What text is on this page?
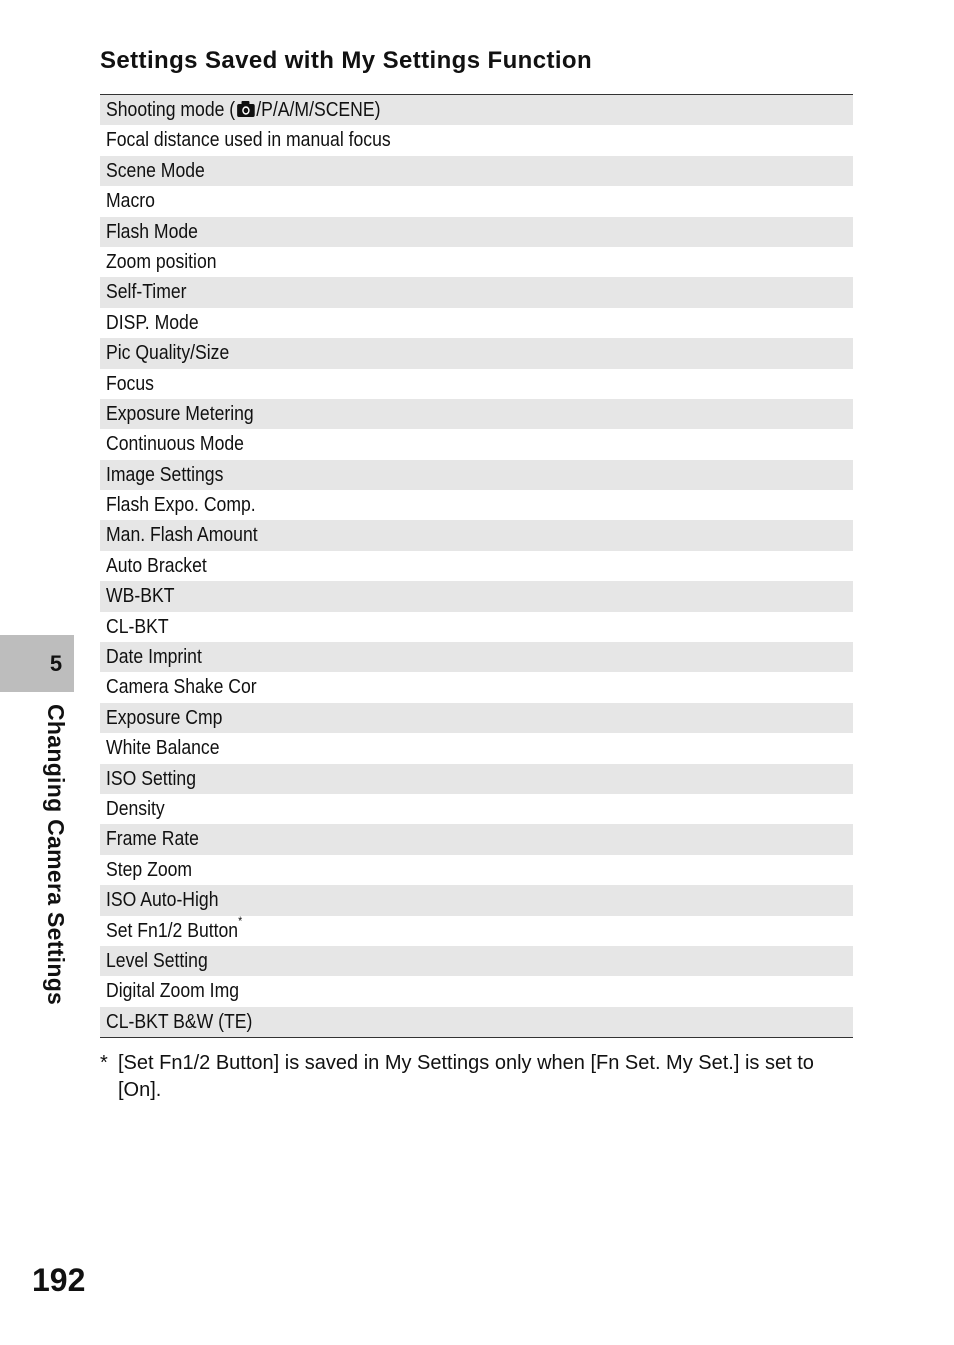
Settings Saved with My Settings Function
Shooting mode ( /P/A/M/SCENE)
Focal distance used in manual focus
Scene Mode
Macro
Flash Mode
Zoom position
Self-Timer
DISP. Mode
Pic Quality/Size
Focus
Exposure Metering
Continuous Mode
Image Settings
Flash Expo. Comp.
Man. Flash Amount
Auto Bracket
WB-BKT
CL-BKT
Date Imprint
Camera Shake Cor
Exposure Cmp
White Balance
ISO Setting
Density
Frame Rate
Step Zoom
ISO Auto-High
Set Fn1/2 Button*
Level Setting
Digital Zoom Img
CL-BKT B&W (TE)
* [Set Fn1/2 Button] is saved in My Settings only when [Fn Set. My Set.] is set to [On].
5
Changing Camera Settings
192
